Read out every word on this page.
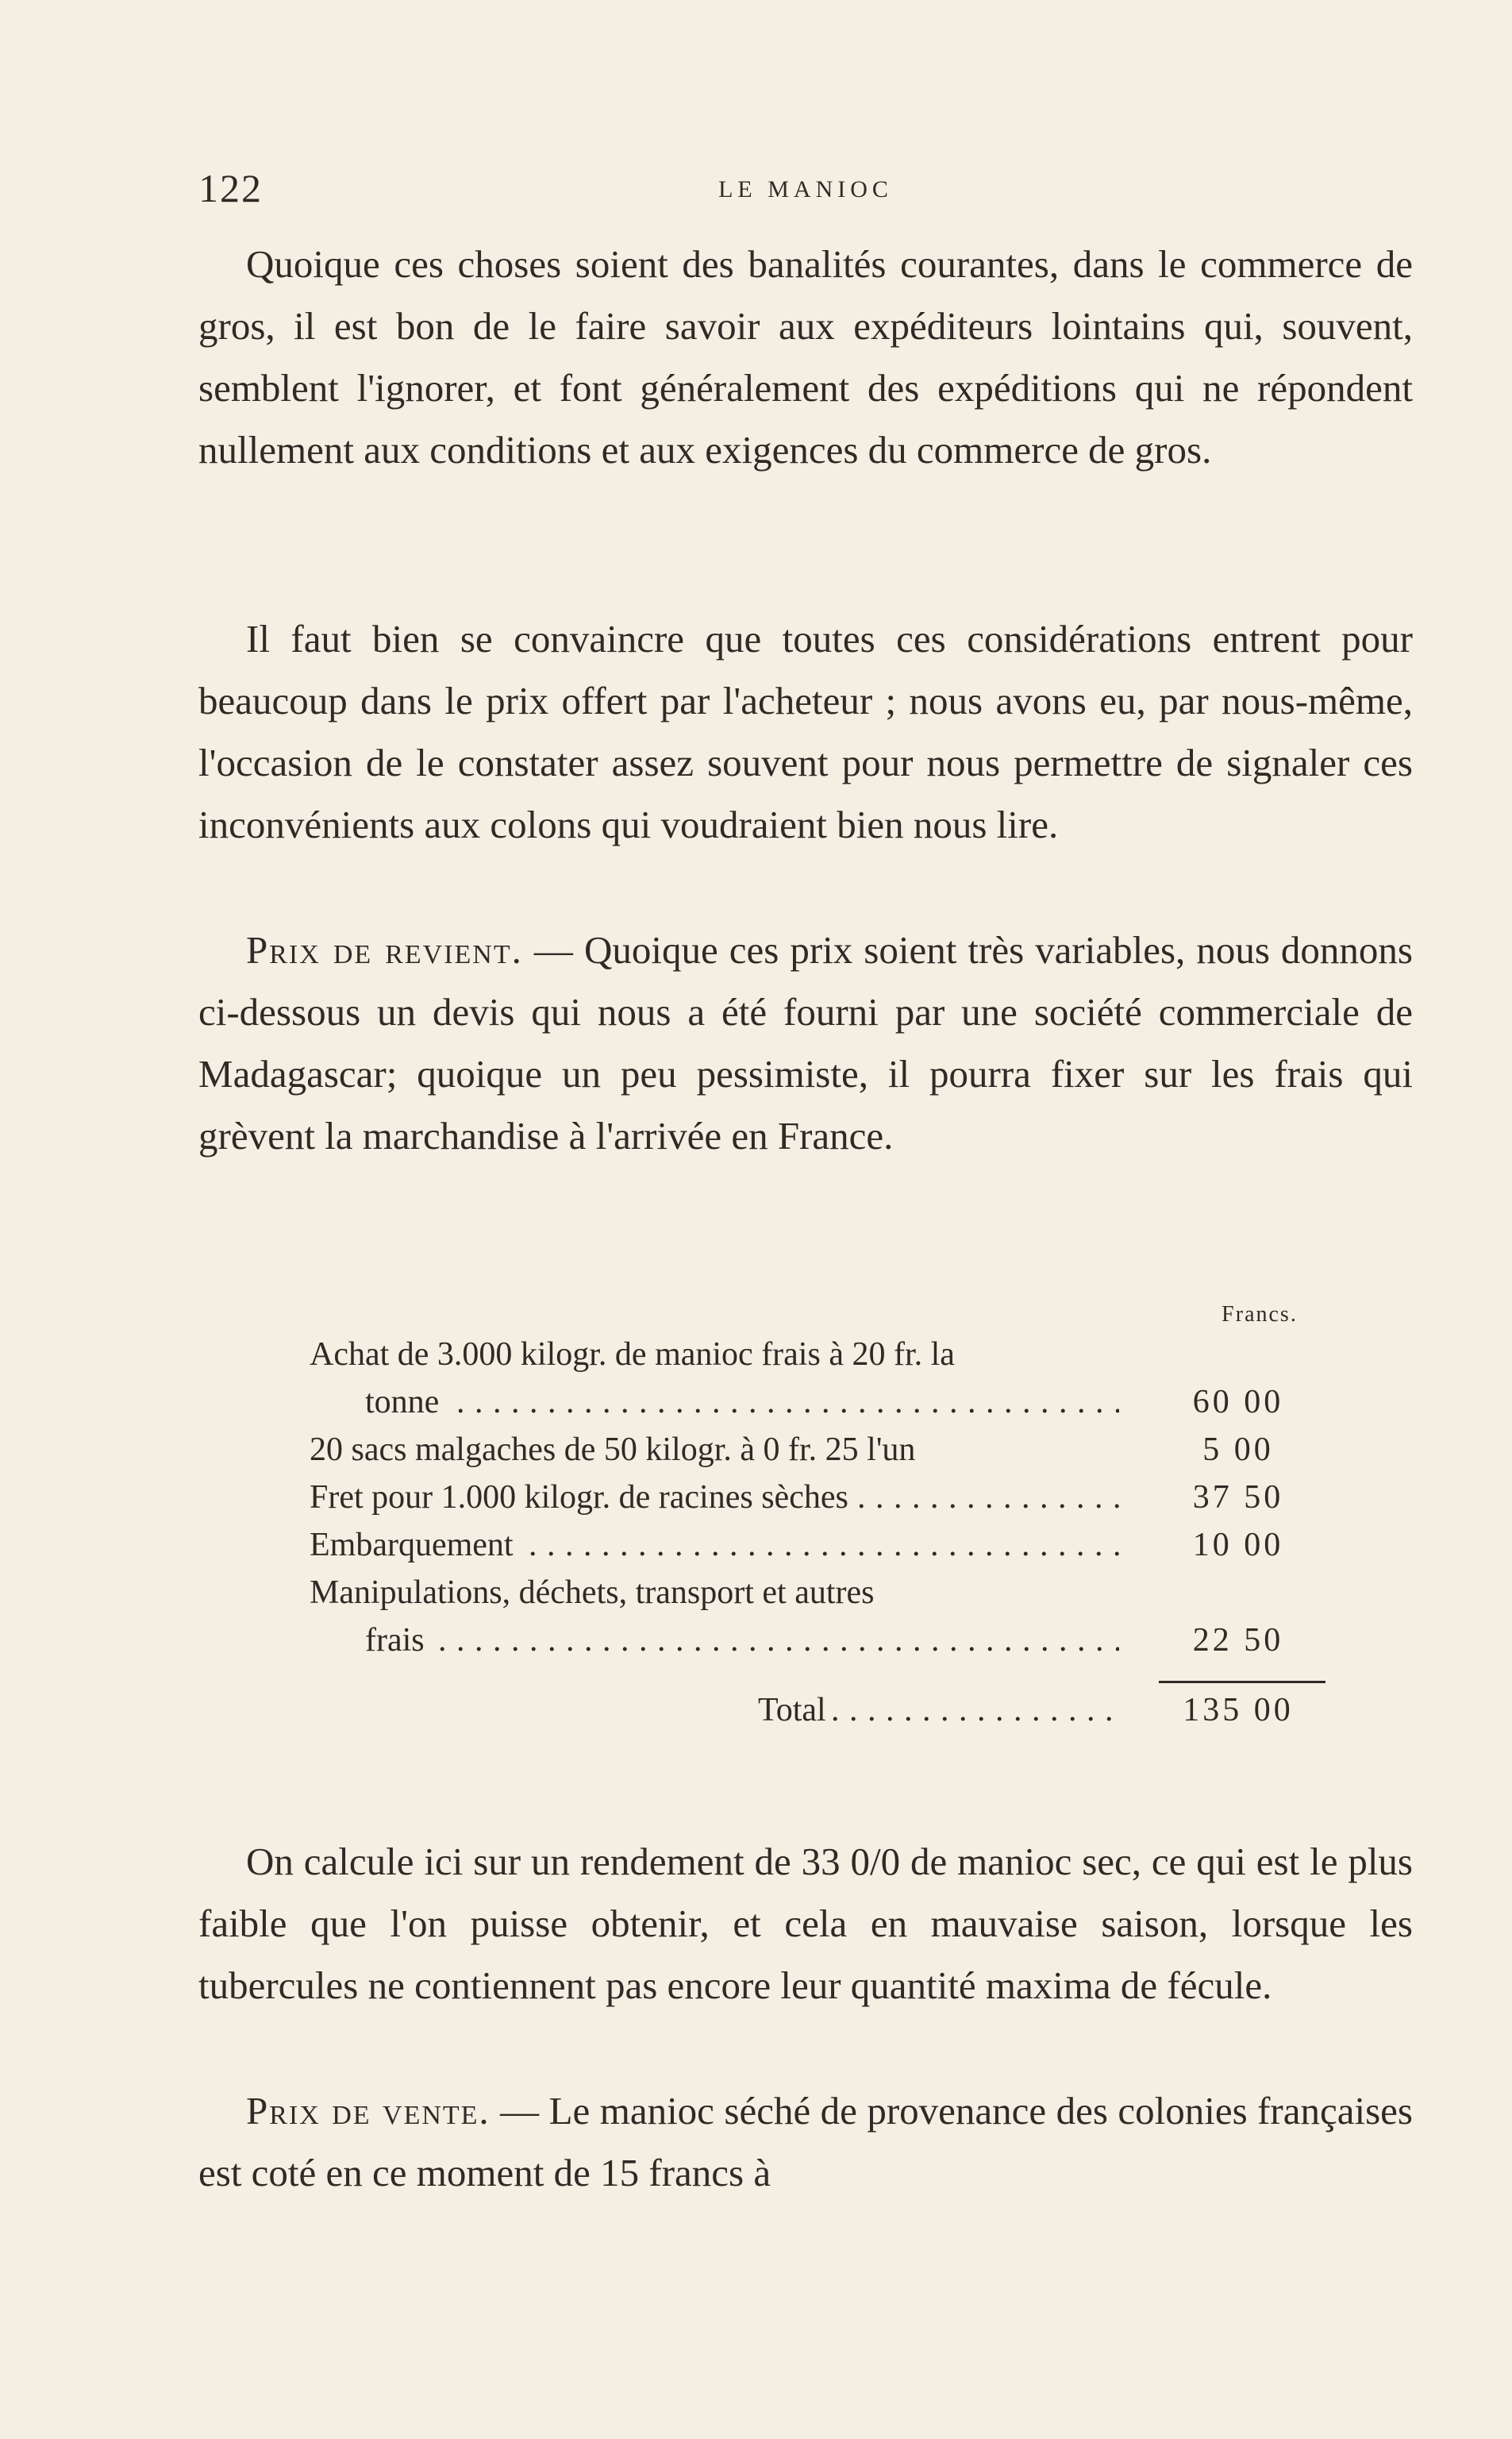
122	LE MANIOC

Quoique ces choses soient des banalités courantes, dans le commerce de gros, il est bon de le faire savoir aux expéditeurs lointains qui, souvent, semblent l'ignorer, et font généralement des expéditions qui ne répondent nullement aux conditions et aux exigences du commerce de gros.

Il faut bien se convaincre que toutes ces considérations entrent pour beaucoup dans le prix offert par l'acheteur ; nous avons eu, par nous-même, l'occasion de le constater assez souvent pour nous permettre de signaler ces inconvénients aux colons qui voudraient bien nous lire.

Prix de revient. — Quoique ces prix soient très variables, nous donnons ci-dessous un devis qui nous a été fourni par une société commerciale de Madagascar; quoique un peu pessimiste, il pourra fixer sur les frais qui grèvent la marchandise à l'arrivée en France.

Francs.
Achat de 3.000 kilogr. de manioc frais à 20 fr. la
tonne . . .	60 00
20 sacs malgaches de 50 kilogr. à 0 fr. 25 l'un	5 00
Fret pour 1.000 kilogr. de racines sèches . . .	37 50
Embarquement . . .	10 00
Manipulations, déchets, transport et autres
frais . . .	22 50
Total . . .	135 00

On calcule ici sur un rendement de 33 0/0 de manioc sec, ce qui est le plus faible que l'on puisse obtenir, et cela en mauvaise saison, lorsque les tubercules ne contiennent pas encore leur quantité maxima de fécule.

Prix de vente. — Le manioc séché de provenance des colonies françaises est coté en ce moment de 15 francs à
